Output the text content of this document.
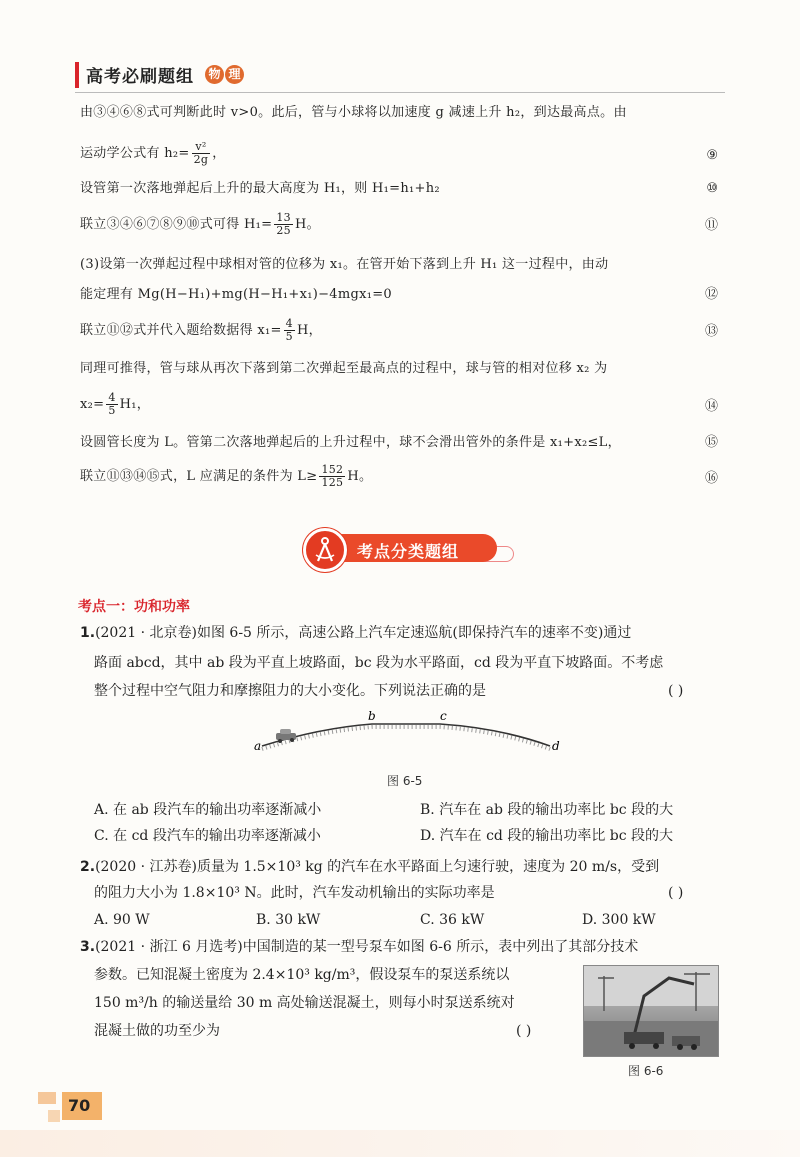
高考必刷题组 物 理
由③④⑥⑧式可判断此时 v>0。此后，管与小球将以加速度 g 减速上升 h₂，到达最高点。由
运动学公式有 $h_2= \frac{\text{v²}}{2g}$ ，	⑨
设管第一次落地弹起后上升的最大高度为 H₁，则 H₁=h₁+h₂	⑩
联立③④⑥⑦⑧⑨⑩式可得 $H_1= \frac{13}{25}$ H。	⑪
(3)设第一次弹起过程中球相对管的位移为 x₁。在管开始下落到上升 H₁ 这一过程中，由动
能定理有 Mg(H−H₁)+mg(H−H₁+x₁)−4mgx₁=0	⑫
联立⑪⑫式并代入题给数据得 $x_1= \frac{4}{5}$ H，	⑬
同理可推得，管与球从再次下落到第二次弹起至最高点的过程中，球与管的相对位移 x₂ 为
$x_2= \frac{4}{5} H_1$，	⑭
设圆管长度为 L。管第二次落地弹起后的上升过程中，球不会滑出管外的条件是 x₁+x₂≤L，	⑮
联立⑪⑬⑭⑮式，L 应满足的条件为 $L\ge \frac{152}{125}$ H。	⑯
考点分类题组
考点一：功和功率
1.(2021 · 北京卷)如图 6-5 所示，高速公路上汽车定速巡航(即保持汽车的速率不变)通过
路面 abcd，其中 ab 段为平直上坡路面，bc 段为水平路面，cd 段为平直下坡路面。不考虑
整个过程中空气阻力和摩擦阻力的大小变化。下列说法正确的是	( )
a
b	c
d
图 6-5
A. 在 ab 段汽车的输出功率逐渐减小	B. 汽车在 ab 段的输出功率比 bc 段的大
C. 在 cd 段汽车的输出功率逐渐减小	D. 汽车在 cd 段的输出功率比 bc 段的大
2.(2020 · 江苏卷)质量为 1.5×10³ kg 的汽车在水平路面上匀速行驶，速度为 20 m/s，受到
的阻力大小为 1.8×10³ N。此时，汽车发动机输出的实际功率是	( )
A. 90 W	B. 30 kW	C. 36 kW	D. 300 kW
3.(2021 · 浙江 6 月选考)中国制造的某一型号泵车如图 6-6 所示，表中列出了其部分技术
参数。已知混凝土密度为 2.4×10³ kg/m³，假设泵车的泵送系统以
150 m³/h 的输送量给 30 m 高处输送混凝土，则每小时泵送系统对
混凝土做的功至少为	( )
图 6-6
70
